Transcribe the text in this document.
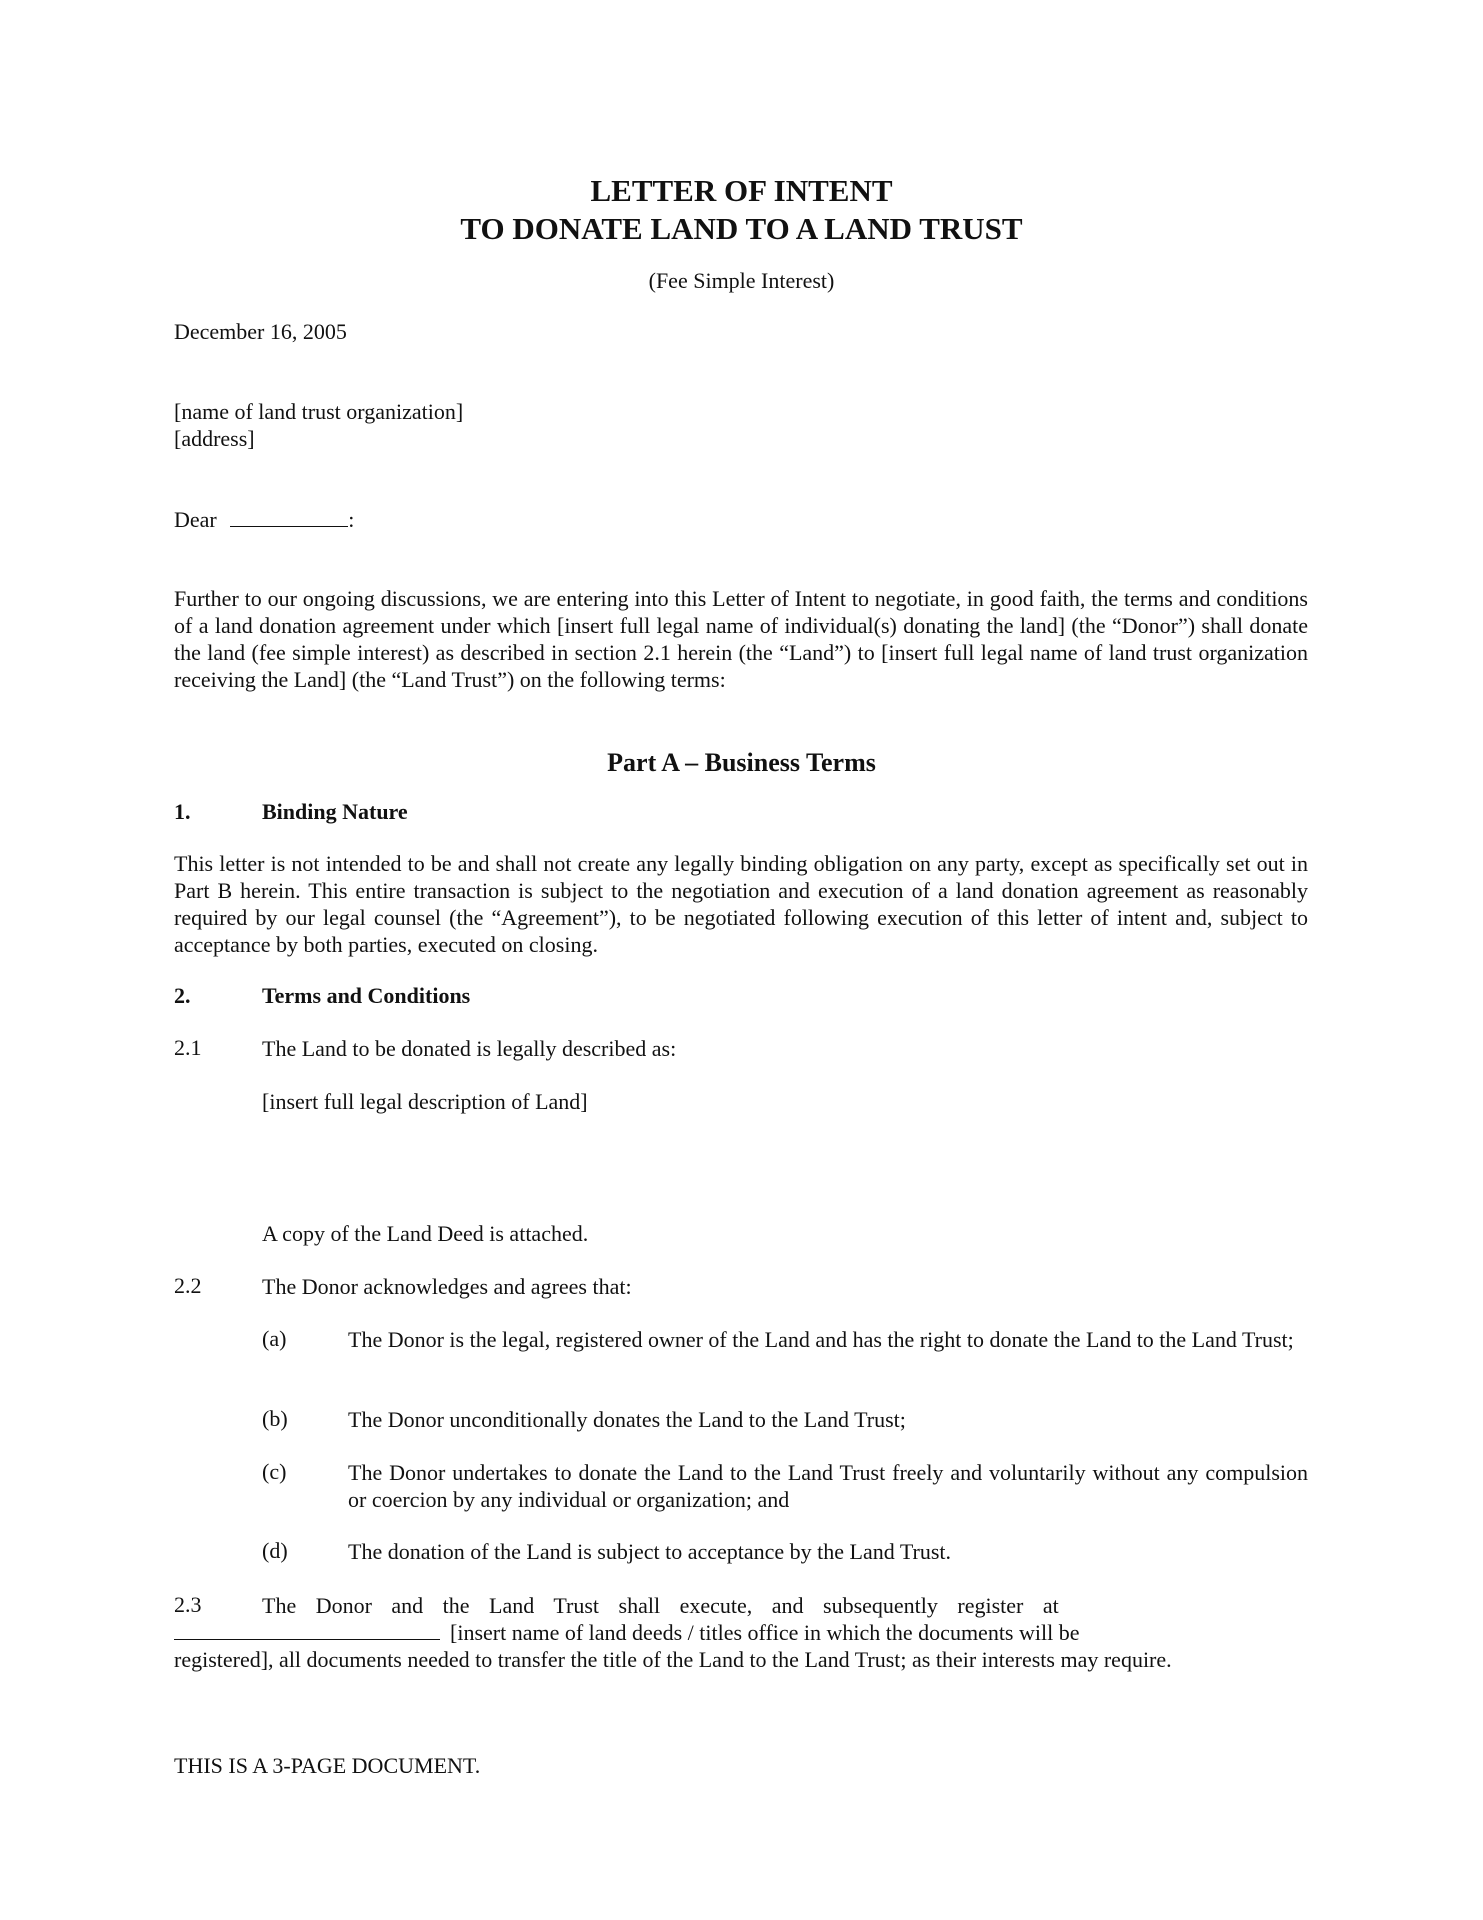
LETTER OF INTENT
TO DONATE LAND TO A LAND TRUST
(Fee Simple Interest)
December 16, 2005
[name of land trust organization]
[address]
Dear	:
Further to our ongoing discussions, we are entering into this Letter of Intent to negotiate, in good faith, the terms and conditions of a land donation agreement under which [insert full legal name of individual(s) donating the land] (the “Donor”) shall donate the land (fee simple interest) as described in section 2.1 herein (the “Land”) to [insert full legal name of land trust organization receiving the Land] (the “Land Trust”) on the following terms:
Part A – Business Terms
1.	Binding Nature
This letter is not intended to be and shall not create any legally binding obligation on any party, except as specifically set out in Part B herein. This entire transaction is subject to the negotiation and execution of a land donation agreement as reasonably required by our legal counsel (the “Agreement”), to be negotiated following execution of this letter of intent and, subject to acceptance by both parties, executed on closing.
2.	Terms and Conditions
2.1	The Land to be donated is legally described as:
[insert full legal description of Land]
A copy of the Land Deed is attached.
2.2	The Donor acknowledges and agrees that:
(a)	The Donor is the legal, registered owner of the Land and has the right to donate the Land to the Land Trust;
(b)	The Donor unconditionally donates the Land to the Land Trust;
(c)	The Donor undertakes to donate the Land to the Land Trust freely and voluntarily without any compulsion or coercion by any individual or organization; and
(d)	The donation of the Land is subject to acceptance by the Land Trust.
2.3	The Donor and the Land Trust shall execute, and subsequently register at
[insert name of land deeds / titles office in which the documents will be
registered], all documents needed to transfer the title of the Land to the Land Trust; as their interests may require.
THIS IS A 3-PAGE DOCUMENT.
